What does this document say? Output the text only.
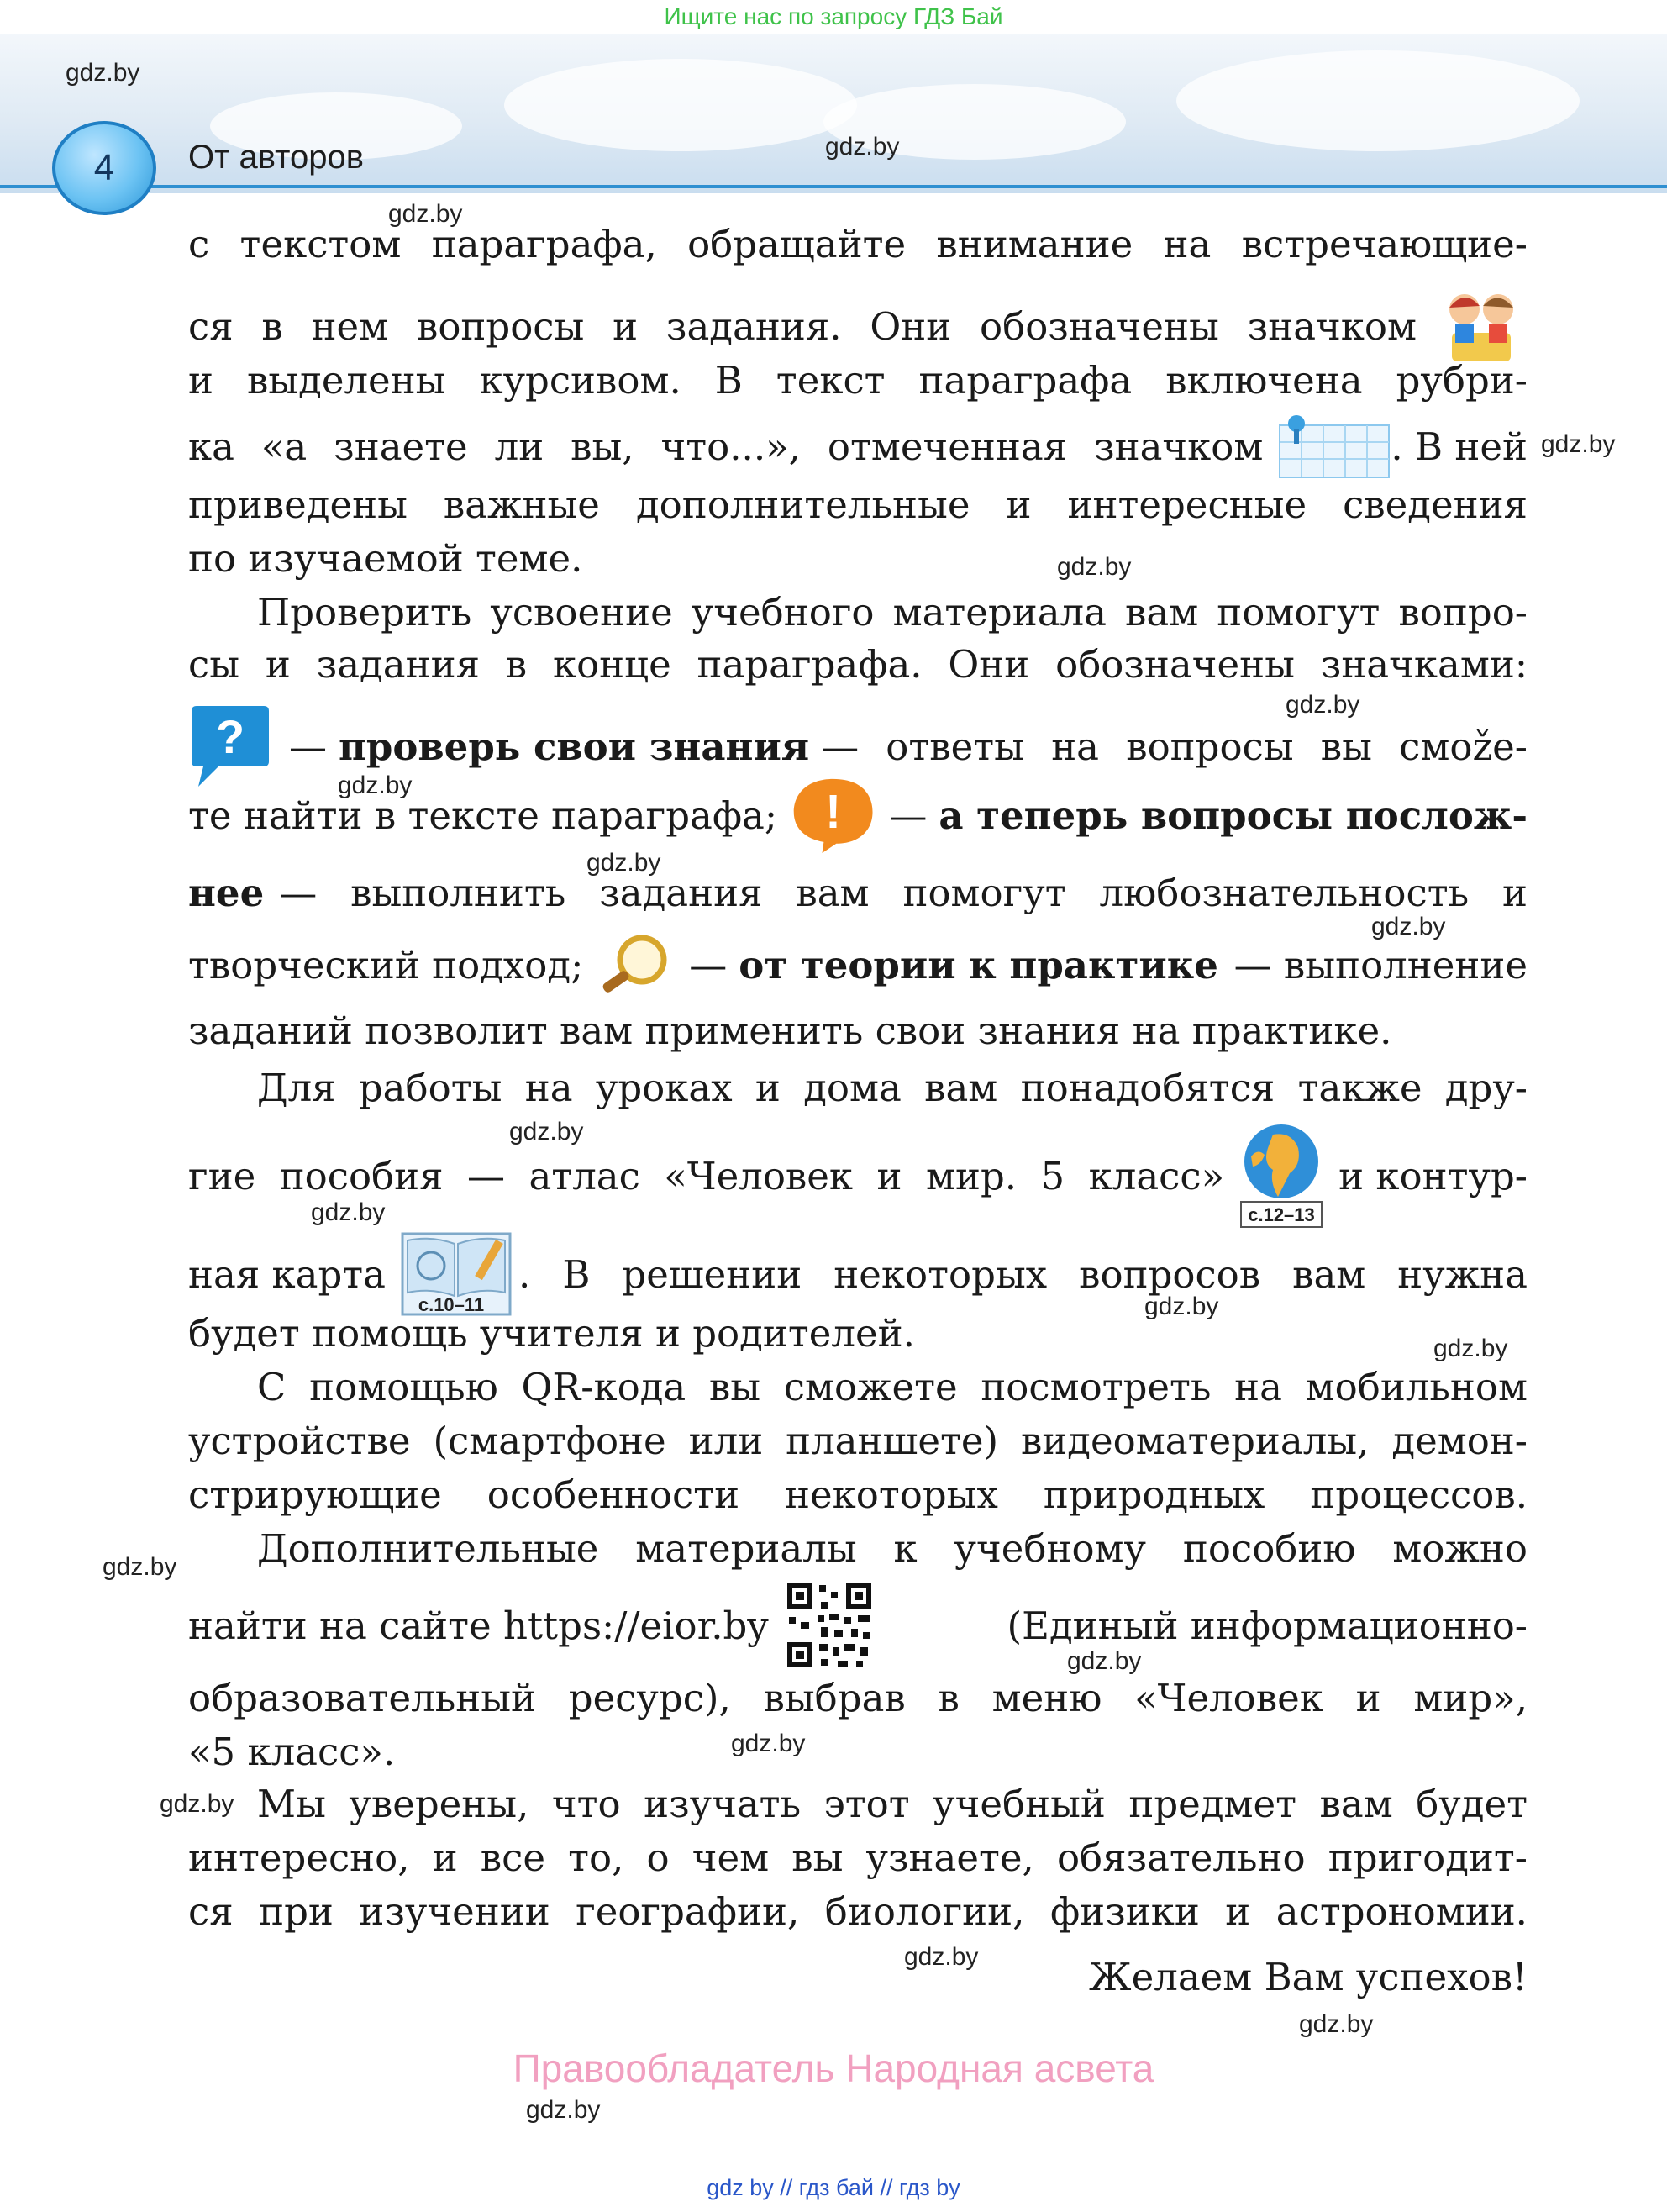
Ищите нас по запросу ГДЗ Бай
4	От авторов
gdz.by
gdz.by
gdz.by
gdz.by
gdz.by
gdz.by
gdz.by
gdz.by
gdz.by
gdz.by
gdz.by
gdz.by
gdz.by
gdz.by
gdz.by
gdz.by
gdz.by
gdz.by
gdz.by
gdz.by
с текстом параграфа, обращайте внимание на встречающие-
ся в нем вопросы и задания. Они обозначены значком
и выделены курсивом. В текст параграфа включена рубри-
ка «а знаете ли вы, что...», отмеченная значком	. В ней
приведены важные дополнительные и интересные сведения
по изучаемой теме.
Проверить усвоение учебного материала вам помогут вопро-
сы и задания в конце параграфа. Они обозначены значками:
? — проверь свои знания — ответы на вопросы вы смože-
те найти в тексте параграфа; ! — а теперь вопросы послож-
нее — выполнить задания вам помогут любознательность и
творческий подход;	— от теории к практике — выполнение
заданий позволит вам применить свои знания на практике.
Для работы на уроках и дома вам понадобятся также дру-
гие пособия — атлас «Человек и мир. 5 класс»
с.12–13
и контур-
ная карта
с.10–11
. В решении некоторых вопросов вам нужна
будет помощь учителя и родителей.
С помощью QR-кода вы сможете посмотреть на мобильном
устройстве (смартфоне или планшете) видеоматериалы, демон-
стрирующие особенности некоторых природных процессов.
Дополнительные материалы к учебному пособию можно
найти на сайте https://eior.by	(Единый информационно-
образовательный ресурс), выбрав в меню «Человек и мир»,
«5 класс».
Мы уверены, что изучать этот учебный предмет вам будет
интересно, и все то, о чем вы узнаете, обязательно пригодит-
ся при изучении географии, биологии, физики и астрономии.
Желаем Вам успехов!
Правообладатель Народная асвета
gdz by // гдз бай // гдз by
